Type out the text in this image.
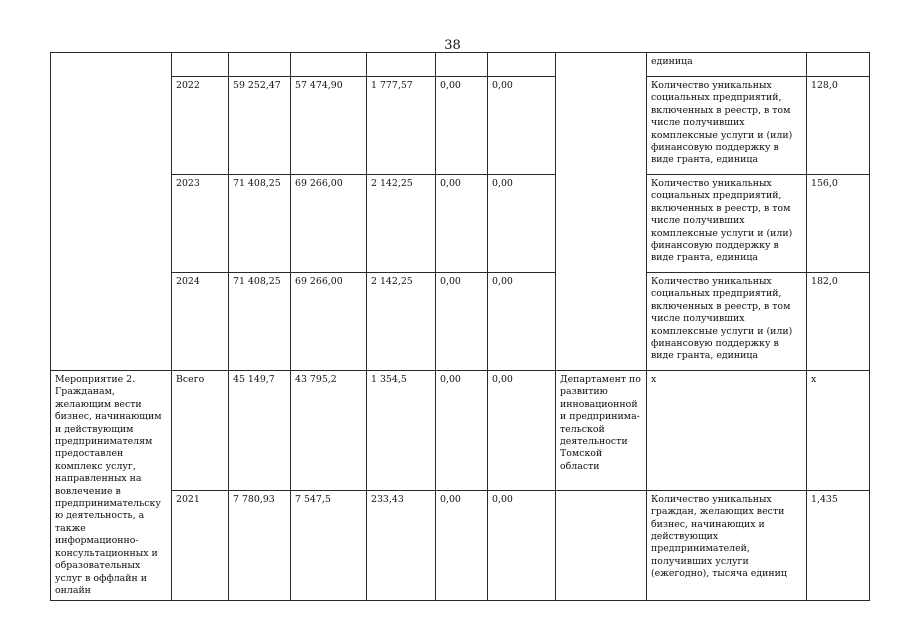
38
								единица	
	2022	59 252,47	57 474,90	1 777,57	0,00	0,00		Количество уникальных социальных предприятий, включенных в реестр, в том числе получивших комплексные услуги и (или) финансовую поддержку в виде гранта, единица	128,0
	2023	71 408,25	69 266,00	2 142,25	0,00	0,00		Количество уникальных социальных предприятий, включенных в реестр, в том числе получивших комплексные услуги и (или) финансовую поддержку в виде гранта, единица	156,0
	2024	71 408,25	69 266,00	2 142,25	0,00	0,00		Количество уникальных социальных предприятий, включенных в реестр, в том числе получивших комплексные услуги и (или) финансовую поддержку в виде гранта, единица	182,0
Мероприятие 2. Гражданам, желающим вести бизнес, начинающим и действующим предпринимателям предоставлен комплекс услуг, направленных на вовлечение в предпринимательскую деятельность, а также информационно-консультационных и образовательных услуг в оффлайн и онлайн	Всего	45 149,7	43 795,2	1 354,5	0,00	0,00	Департамент по развитию инновационной и предпринима-тельской деятельности Томской области	х	х
	2021	7 780,93	7 547,5	233,43	0,00	0,00		Количество уникальных граждан, желающих вести бизнес, начинающих и действующих предпринимателей, получивших услуги (ежегодно), тысяча единиц	1,435
